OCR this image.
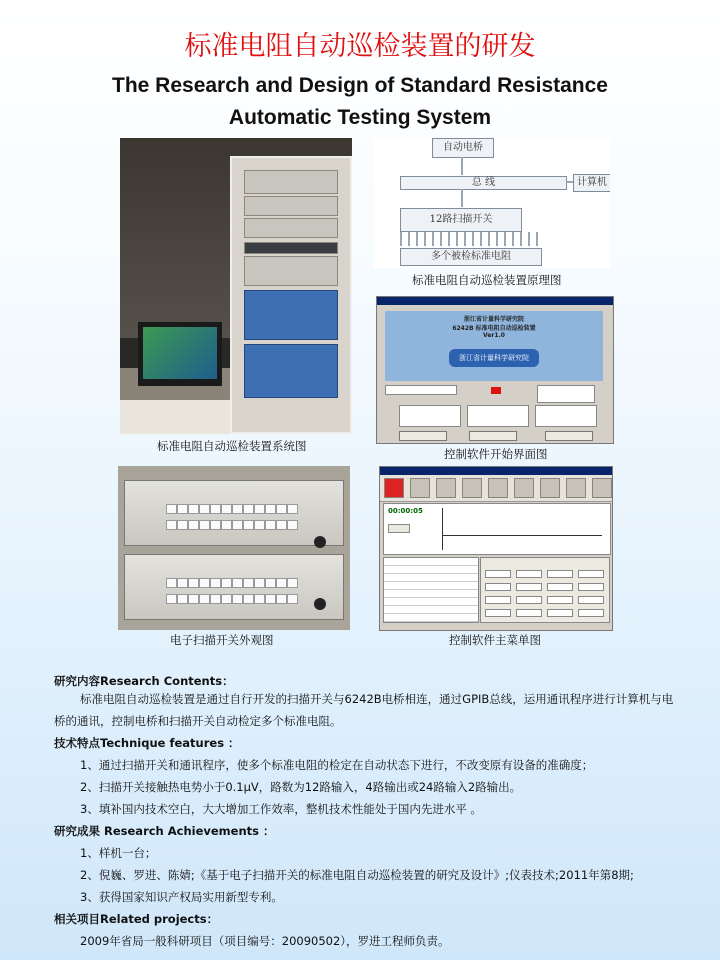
标准电阻自动巡检装置的研发
The Research and Design of Standard Resistance
Automatic Testing System
标准电阻自动巡检装置系统图
自动电桥
总 线	计算机
12路扫描开关
多个被检标准电阻
标准电阻自动巡检装置原理图
浙江省计量科学研究院
6242B 标准电阻自动巡检装置
Ver1.0
浙江省计量科学研究院
控制软件开始界面图
电子扫描开关外观图
00:00:05
控制软件主菜单图
研究内容Research Contents：
标准电阻自动巡检装置是通过自行开发的扫描开关与6242B电桥相连，通过GPIB总线，运用通讯程序进行计算机与电桥的通讯，控制电桥和扫描开关自动检定多个标准电阻。
技术特点Technique features ：
1、通过扫描开关和通讯程序，使多个标准电阻的检定在自动状态下进行，不改变原有设备的准确度；
2、扫描开关接触热电势小于0.1μV，路数为12路输入，4路输出或24路输入2路输出。
3、填补国内技术空白，大大增加工作效率，整机技术性能处于国内先进水平 。
研究成果 Research Achievements ：
1、样机一台；
2、倪巍、罗进、陈婧;《基于电子扫描开关的标准电阻自动巡检装置的研究及设计》;仪表技术;2011年第8期;
3、获得国家知识产权局实用新型专利。
相关项目Related projects：
2009年省局一般科研项目（项目编号：20090502），罗进工程师负责。
